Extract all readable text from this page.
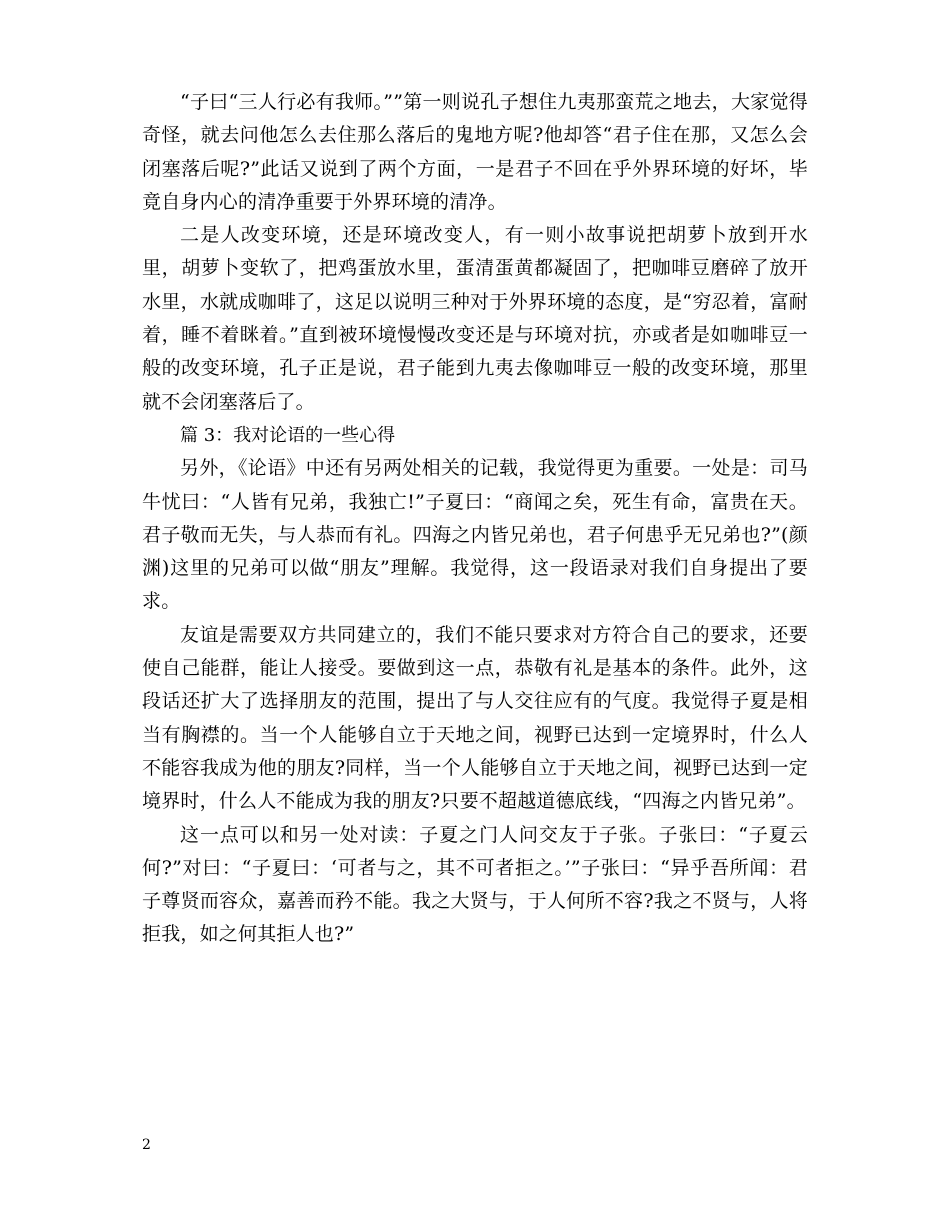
“子曰“三人行必有我师。””第一则说孔子想住九夷那蛮荒之地去，大家觉得奇怪，就去问他怎么去住那么落后的鬼地方呢?他却答“君子住在那，又怎么会闭塞落后呢?”此话又说到了两个方面，一是君子不回在乎外界环境的好坏，毕竟自身内心的清净重要于外界环境的清净。

二是人改变环境，还是环境改变人，有一则小故事说把胡萝卜放到开水里，胡萝卜变软了，把鸡蛋放水里，蛋清蛋黄都凝固了，把咖啡豆磨碎了放开水里，水就成咖啡了，这足以说明三种对于外界环境的态度，是“穷忍着，富耐着，睡不着眯着。”直到被环境慢慢改变还是与环境对抗，亦或者是如咖啡豆一般的改变环境，孔子正是说，君子能到九夷去像咖啡豆一般的改变环境，那里就不会闭塞落后了。

篇 3：我对论语的一些心得

另外，《论语》中还有另两处相关的记载，我觉得更为重要。一处是：司马牛忧曰：“人皆有兄弟，我独亡!”子夏曰：“商闻之矣，死生有命，富贵在天。君子敬而无失，与人恭而有礼。四海之内皆兄弟也，君子何患乎无兄弟也?”(颜渊)这里的兄弟可以做“朋友”理解。我觉得，这一段语录对我们自身提出了要求。

友谊是需要双方共同建立的，我们不能只要求对方符合自己的要求，还要使自己能群，能让人接受。要做到这一点，恭敬有礼是基本的条件。此外，这段话还扩大了选择朋友的范围，提出了与人交往应有的气度。我觉得子夏是相当有胸襟的。当一个人能够自立于天地之间，视野已达到一定境界时，什么人不能容我成为他的朋友?同样，当一个人能够自立于天地之间，视野已达到一定境界时，什么人不能成为我的朋友?只要不超越道德底线，“四海之内皆兄弟”。

这一点可以和另一处对读：子夏之门人问交友于子张。子张曰：“子夏云何?”对曰：“子夏曰：‘可者与之，其不可者拒之。’”子张曰：“异乎吾所闻：君子尊贤而容众，嘉善而矜不能。我之大贤与，于人何所不容?我之不贤与，人将拒我，如之何其拒人也?”

2
